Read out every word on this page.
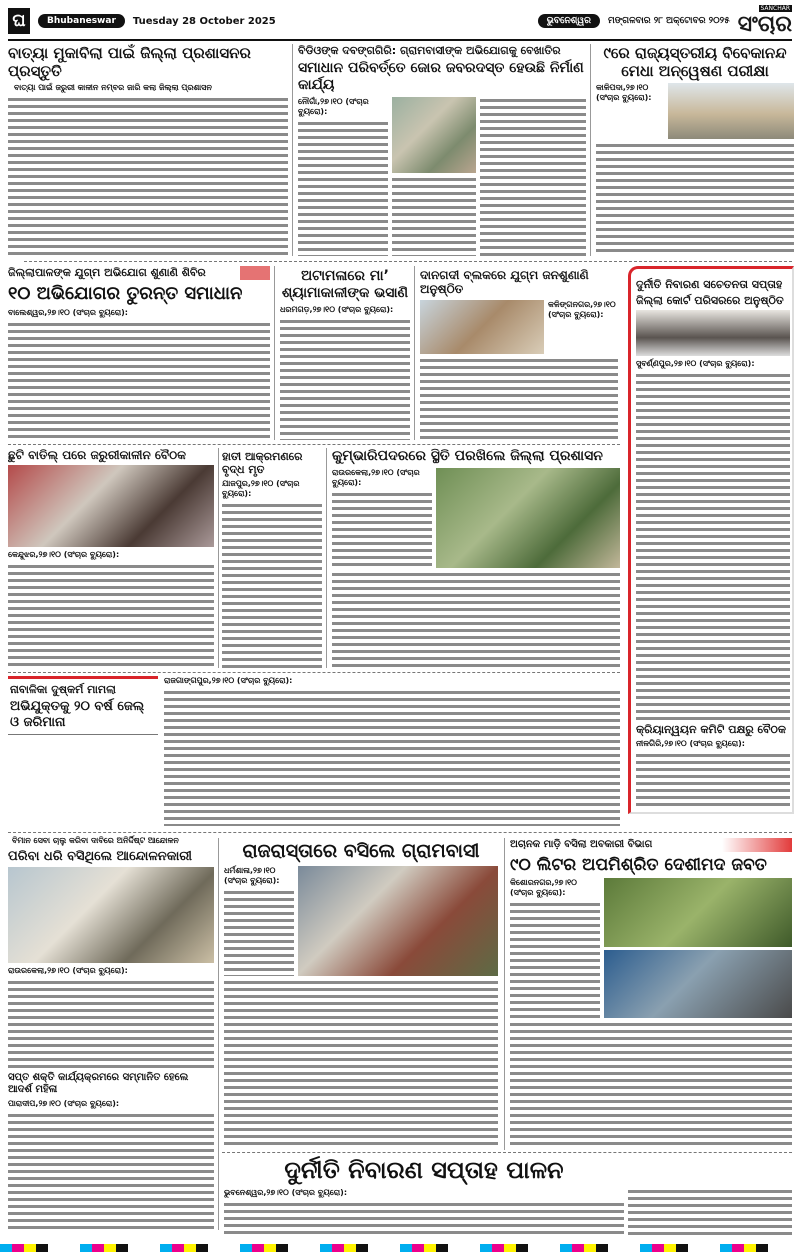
ଘ	Bhubaneswar	Tuesday 28 October 2025	ଭୁବନେଶ୍ୱର	ମଙ୍ଗଳବାର ୨୮ ଅକ୍ଟୋବର ୨୦୨୫
SANCHAR
ସଂଚାର
ବାତ୍ୟା ମୁକାବିଲା ପାଇଁ ଜିଲ୍ଲା ପ୍ରଶାସନର ପ୍ରସ୍ତୁତି
ବାତ୍ୟା ପାଇଁ ଜରୁରୀ କାଳୀନ ନମ୍ବର ଜାରି କଲା ଜିଲ୍ଲା ପ୍ରଶାସନ
ବିଡିଓଙ୍କ ଦବଙ୍ଗଗିରି: ଗ୍ରାମବାସୀଙ୍କ ଅଭିଯୋଗକୁ ବେଖାତିର
ସମାଧାନ ପରିବର୍ତ୍ତେ ଜୋର ଜବରଦସ୍ତ ହେଉଛି ନିର୍ମାଣ କାର୍ଯ୍ୟ
ନୌଗାଁ,୨୭।୧୦ (ସଂଚାର ବ୍ୟୁରୋ):
୯ରେ ରାଜ୍ୟସ୍ତରୀୟ ବିବେକାନନ୍ଦ ମେଧା ଅନ୍ୱେଷଣ ପରୀକ୍ଷା
କାଳିପଦା,୨୭।୧୦ (ସଂଚାର ବ୍ୟୁରୋ):
ଜିଲ୍ଲାପାଳଙ୍କ ଯୁଗ୍ମ ଅଭିଯୋଗ ଶୁଣାଣି ଶିବିର
୧୦ ଅଭିଯୋଗର ତୁରନ୍ତ ସମାଧାନ
ବାଲେଶ୍ୱର,୨୭।୧୦ (ସଂଚାର ବ୍ୟୁରୋ):
ଅଟାମଳାରେ ମା’ ଶ୍ୟାମାକାଳୀଙ୍କ ଭସାଣି
ଧରମଗଡ଼,୨୭।୧୦ (ସଂଚାର ବ୍ୟୁରୋ):
ଦାନଗଦୀ ବ୍ଲକରେ ଯୁଗ୍ମ ଜନଶୁଣାଣି ଅନୁଷ୍ଠିତ
କଳିଙ୍ଗନଗର,୨୭।୧୦ (ସଂଚାର ବ୍ୟୁରୋ):
ଦୁର୍ନୀତି ନିବାରଣ ସଚେତନତା ସପ୍ତାହ
ଜିଲ୍ଲା କୋର୍ଟ ପରିସରରେ ଅନୁଷ୍ଠିତ
ସୁବର୍ଣ୍ଣପୁର,୨୭।୧୦ (ସଂଚାର ବ୍ୟୁରୋ):
କ୍ରିୟାନ୍ୱୟନ କମିଟି ପକ୍ଷରୁ ବୈଠକ
ନୀଳଗିରି,୨୭।୧୦ (ସଂଚାର ବ୍ୟୁରୋ):
ଛୁଟି ବାତିଲ୍ ପରେ ଜରୁରୀକାଳୀନ ବୈଠକ
କେନ୍ଦୁଝର,୨୭।୧୦ (ସଂଚାର ବ୍ୟୁରୋ):
ହାତୀ ଆକ୍ରମଣରେ ବୃଦ୍ଧ ମୃତ
ଯାଜପୁର,୨୭।୧୦ (ସଂଚାର ବ୍ୟୁରୋ):
କୁମ୍ଭାରିପଦରରେ ସ୍ଥିତି ପରଖିଲେ ଜିଲ୍ଲା ପ୍ରଶାସନ
ରାଉରକେଲା,୨୭।୧୦ (ସଂଚାର ବ୍ୟୁରୋ):
ନାବାଳିକା ଦୁଷ୍କର୍ମ ମାମଲା
ଅଭିଯୁକ୍ତକୁ ୨୦ ବର୍ଷ ଜେଲ୍ ଓ ଜରିମାନା
ରାଜଗାଙ୍ଗପୁର,୨୭।୧୦ (ସଂଚାର ବ୍ୟୁରୋ):
ବିମାନ ସେବା ଚାଲୁ କରିବା ଦାବିରେ ଅନିର୍ଦ୍ଦିଷ୍ଟ ଆନ୍ଦୋଳନ
ପରିବା ଧରି ବସିଥିଲେ ଆନ୍ଦୋଳନକାରୀ
ରାଉରକେଲା,୨୭।୧୦ (ସଂଚାର ବ୍ୟୁରୋ):
ସପ୍ତ ଶକ୍ତି କାର୍ଯ୍ୟକ୍ରମରେ ସମ୍ମାନିତ ହେଲେ ଆଦର୍ଶ ମହିଳା
ପାରାଦୀପ,୨୭।୧୦ (ସଂଚାର ବ୍ୟୁରୋ):
ରାଜରାସ୍ତାରେ ବସିଲେ ଗ୍ରାମବାସୀ
ଧର୍ମଶାଳା,୨୭।୧୦ (ସଂଚାର ବ୍ୟୁରୋ):
ଅଚାନକ ମାଡ଼ି ବସିଲା ଅବକାରୀ ବିଭାଗ
୯୦ ଲିଟର ଅପମିଶ୍ରିତ ଦେଶୀମଦ ଜବତ
କିଶୋରନଗର,୨୭।୧୦ (ସଂଚାର ବ୍ୟୁରୋ):
ଦୁର୍ନୀତି ନିବାରଣ ସପ୍ତାହ ପାଳନ
ଭୁବନେଶ୍ୱର,୨୭।୧୦ (ସଂଚାର ବ୍ୟୁରୋ):
